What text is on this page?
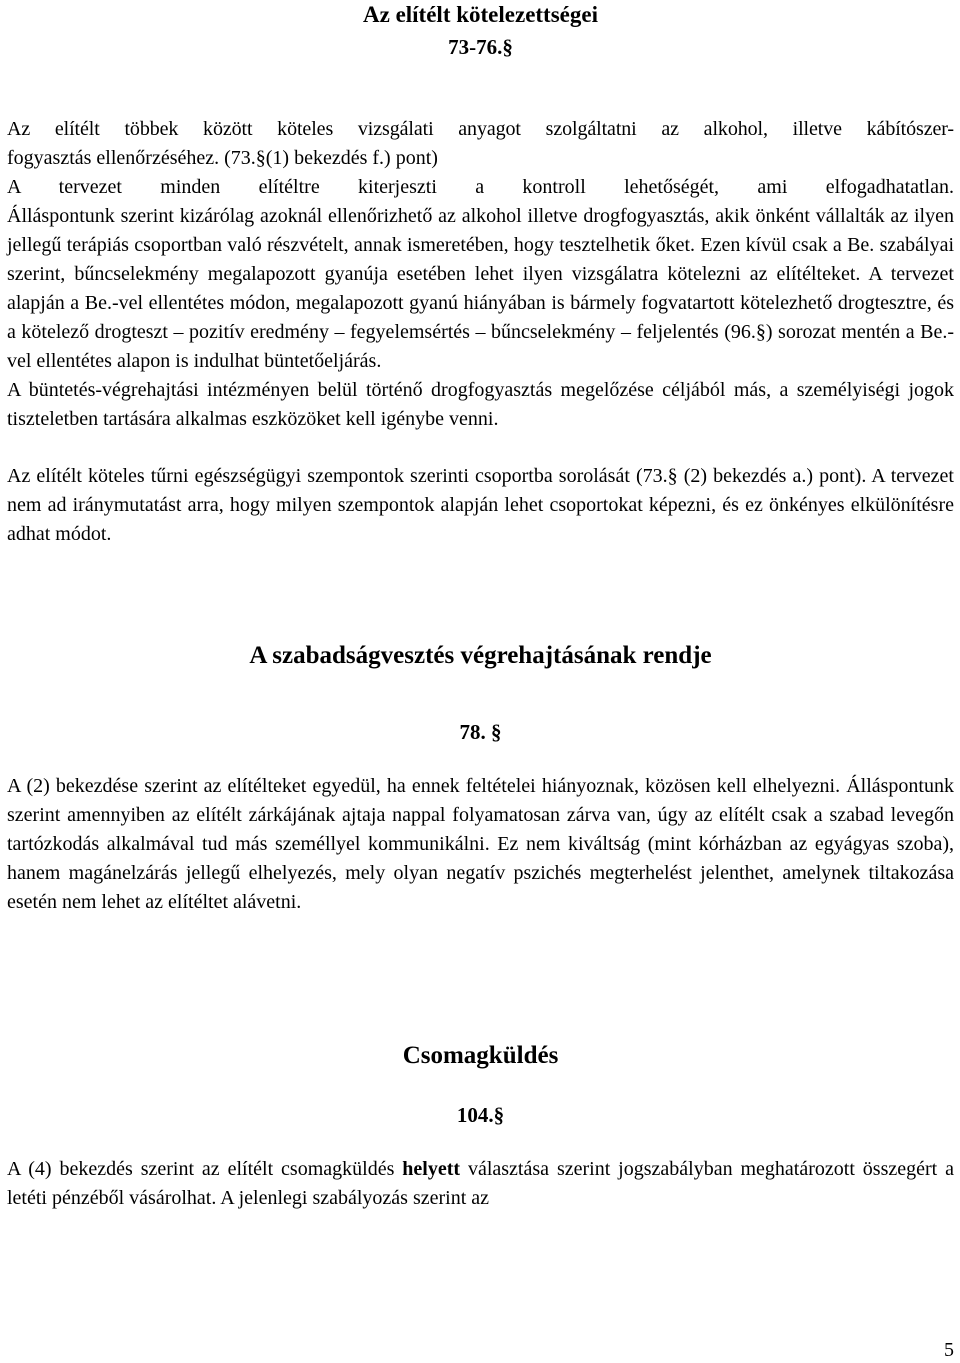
Az elítélt kötelezettségei
73-76.§

Az elítélt többek között köteles vizsgálati anyagot szolgáltatni az alkohol, illetve kábítószer-

fogyasztás ellenőrzéséhez. (73.§(1) bekezdés f.) pont)

A tervezet minden elítéltre kiterjeszti a kontroll lehetőségét, ami elfogadhatatlan.

Álláspontunk szerint kizárólag azoknál ellenőrizhető az alkohol illetve drogfogyasztás, akik önként vállalták az ilyen jellegű terápiás csoportban való részvételt, annak ismeretében, hogy tesztelhetik őket. Ezen kívül csak a Be. szabályai szerint, bűncselekmény megalapozott gyanúja esetében lehet ilyen vizsgálatra kötelezni az elítélteket. A tervezet alapján a Be.-vel ellentétes módon, megalapozott gyanú hiányában is bármely fogvatartott kötelezhető drogtesztre, és a kötelező drogteszt – pozitív eredmény – fegyelemsértés – bűncselekmény – feljelentés (96.§) sorozat mentén a Be.-vel ellentétes alapon is indulhat büntetőeljárás.

A büntetés-végrehajtási intézményen belül történő drogfogyasztás megelőzése céljából más, a személyiségi jogok tiszteletben tartására alkalmas eszközöket kell igénybe venni.

Az elítélt köteles tűrni egészségügyi szempontok szerinti csoportba sorolását (73.§ (2) bekezdés a.) pont). A tervezet nem ad iránymutatást arra, hogy milyen szempontok alapján lehet csoportokat képezni, és ez önkényes elkülönítésre adhat módot.

A szabadságvesztés végrehajtásának rendje
78. §

A (2) bekezdése szerint az elítélteket egyedül, ha ennek feltételei hiányoznak, közösen kell elhelyezni. Álláspontunk szerint amennyiben az elítélt zárkájának ajtaja nappal folyamatosan zárva van, úgy az elítélt csak a szabad levegőn tartózkodás alkalmával tud más személlyel kommunikálni. Ez nem kiváltság (mint kórházban az egyágyas szoba), hanem magánelzárás jellegű elhelyezés, mely olyan negatív pszichés megterhelést jelenthet, amelynek tiltakozása esetén nem lehet az elítéltet alávetni.

Csomagküldés
104.§

A (4) bekezdés szerint az elítélt csomagküldés helyett választása szerint jogszabályban meghatározott összegért a letéti pénzéből vásárolhat. A jelenlegi szabályozás szerint az

5
